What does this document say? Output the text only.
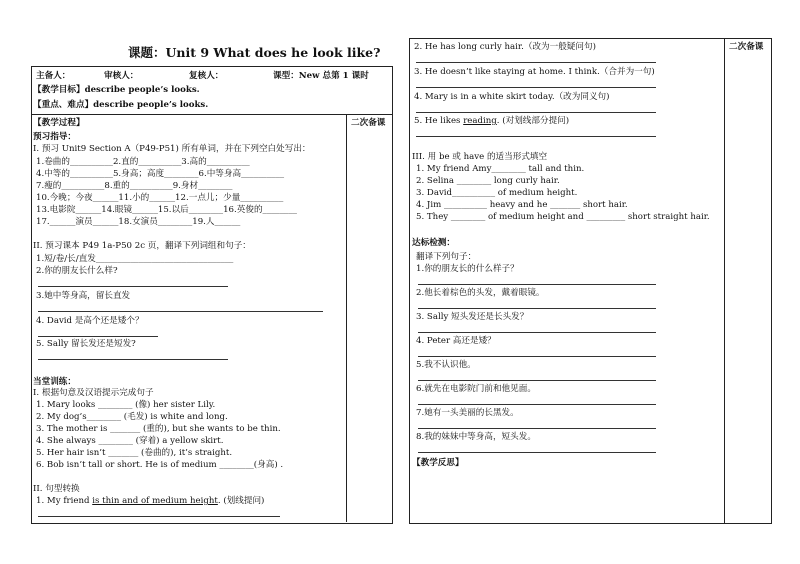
课题：Unit 9 What does he look like?
主备人：	审核人：	复核人：	课型：New 总第 1 课时
【教学目标】describe people’s looks.
【重点、难点】describe people’s looks.
【教学过程】	二次备课
预习指导：
I. 预习 Unit9 Section A（P49-P51) 所有单词，并在下列空白处写出：
1.卷曲的__________2.直的__________3.高的__________
4.中等的__________5.身高；高度________6.中等身高__________
7.瘦的__________8.重的__________9.身材________
10.今晚；今夜______11.小的______12.一点儿；少量__________
13.电影院______14.眼镜______15.以后________16.英俊的________
17.______演员______18.女演员________19.人______
II. 预习课本 P49 1a-P50 2c 页，翻译下列词组和句子：
1.短/卷/长/直发________________________________
2.你的朋友长什么样?
3.她中等身高，留长直发
4. David 是高个还是矮个？
5. Sally 留长发还是短发?
当堂训练：
I. 根据句意及汉语提示完成句子
1. Mary looks ________ (像) her sister Lily.
2. My dog’s________ (毛发) is white and long.
3. The mother is _______ (重的), but she wants to be thin.
4. She always ________ (穿着) a yellow skirt.
5. Her hair isn’t _______ (卷曲的), it’s straight.
6. Bob isn’t tall or short. He is of medium ________(身高) .
II. 句型转换
1. My friend is thin and of medium height. (划线提问)
二次备课
2. He has long curly hair.（改为一般疑问句)
3. He doesn’t like staying at home. I think.（合并为一句)
4. Mary is in a white skirt today.（改为同义句)
5. He likes reading. (对划线部分提问)
III. 用 be 或 have 的适当形式填空
1. My friend Amy________ tall and thin.
2. Selina ________ long curly hair.
3. David__________ of medium height.
4. Jim __________ heavy and he _______ short hair.
5. They ________ of medium height and _________ short straight hair.
达标检测：
翻译下列句子：
1.你的朋友长的什么样子？
2.他长着棕色的头发，戴着眼镜。
3. Sally 短头发还是长头发？
4. Peter 高还是矮？
5.我不认识他。
6.就先在电影院门前和他见面。
7.她有一头美丽的长黑发。
8.我的妹妹中等身高，短头发。
【教学反思】
